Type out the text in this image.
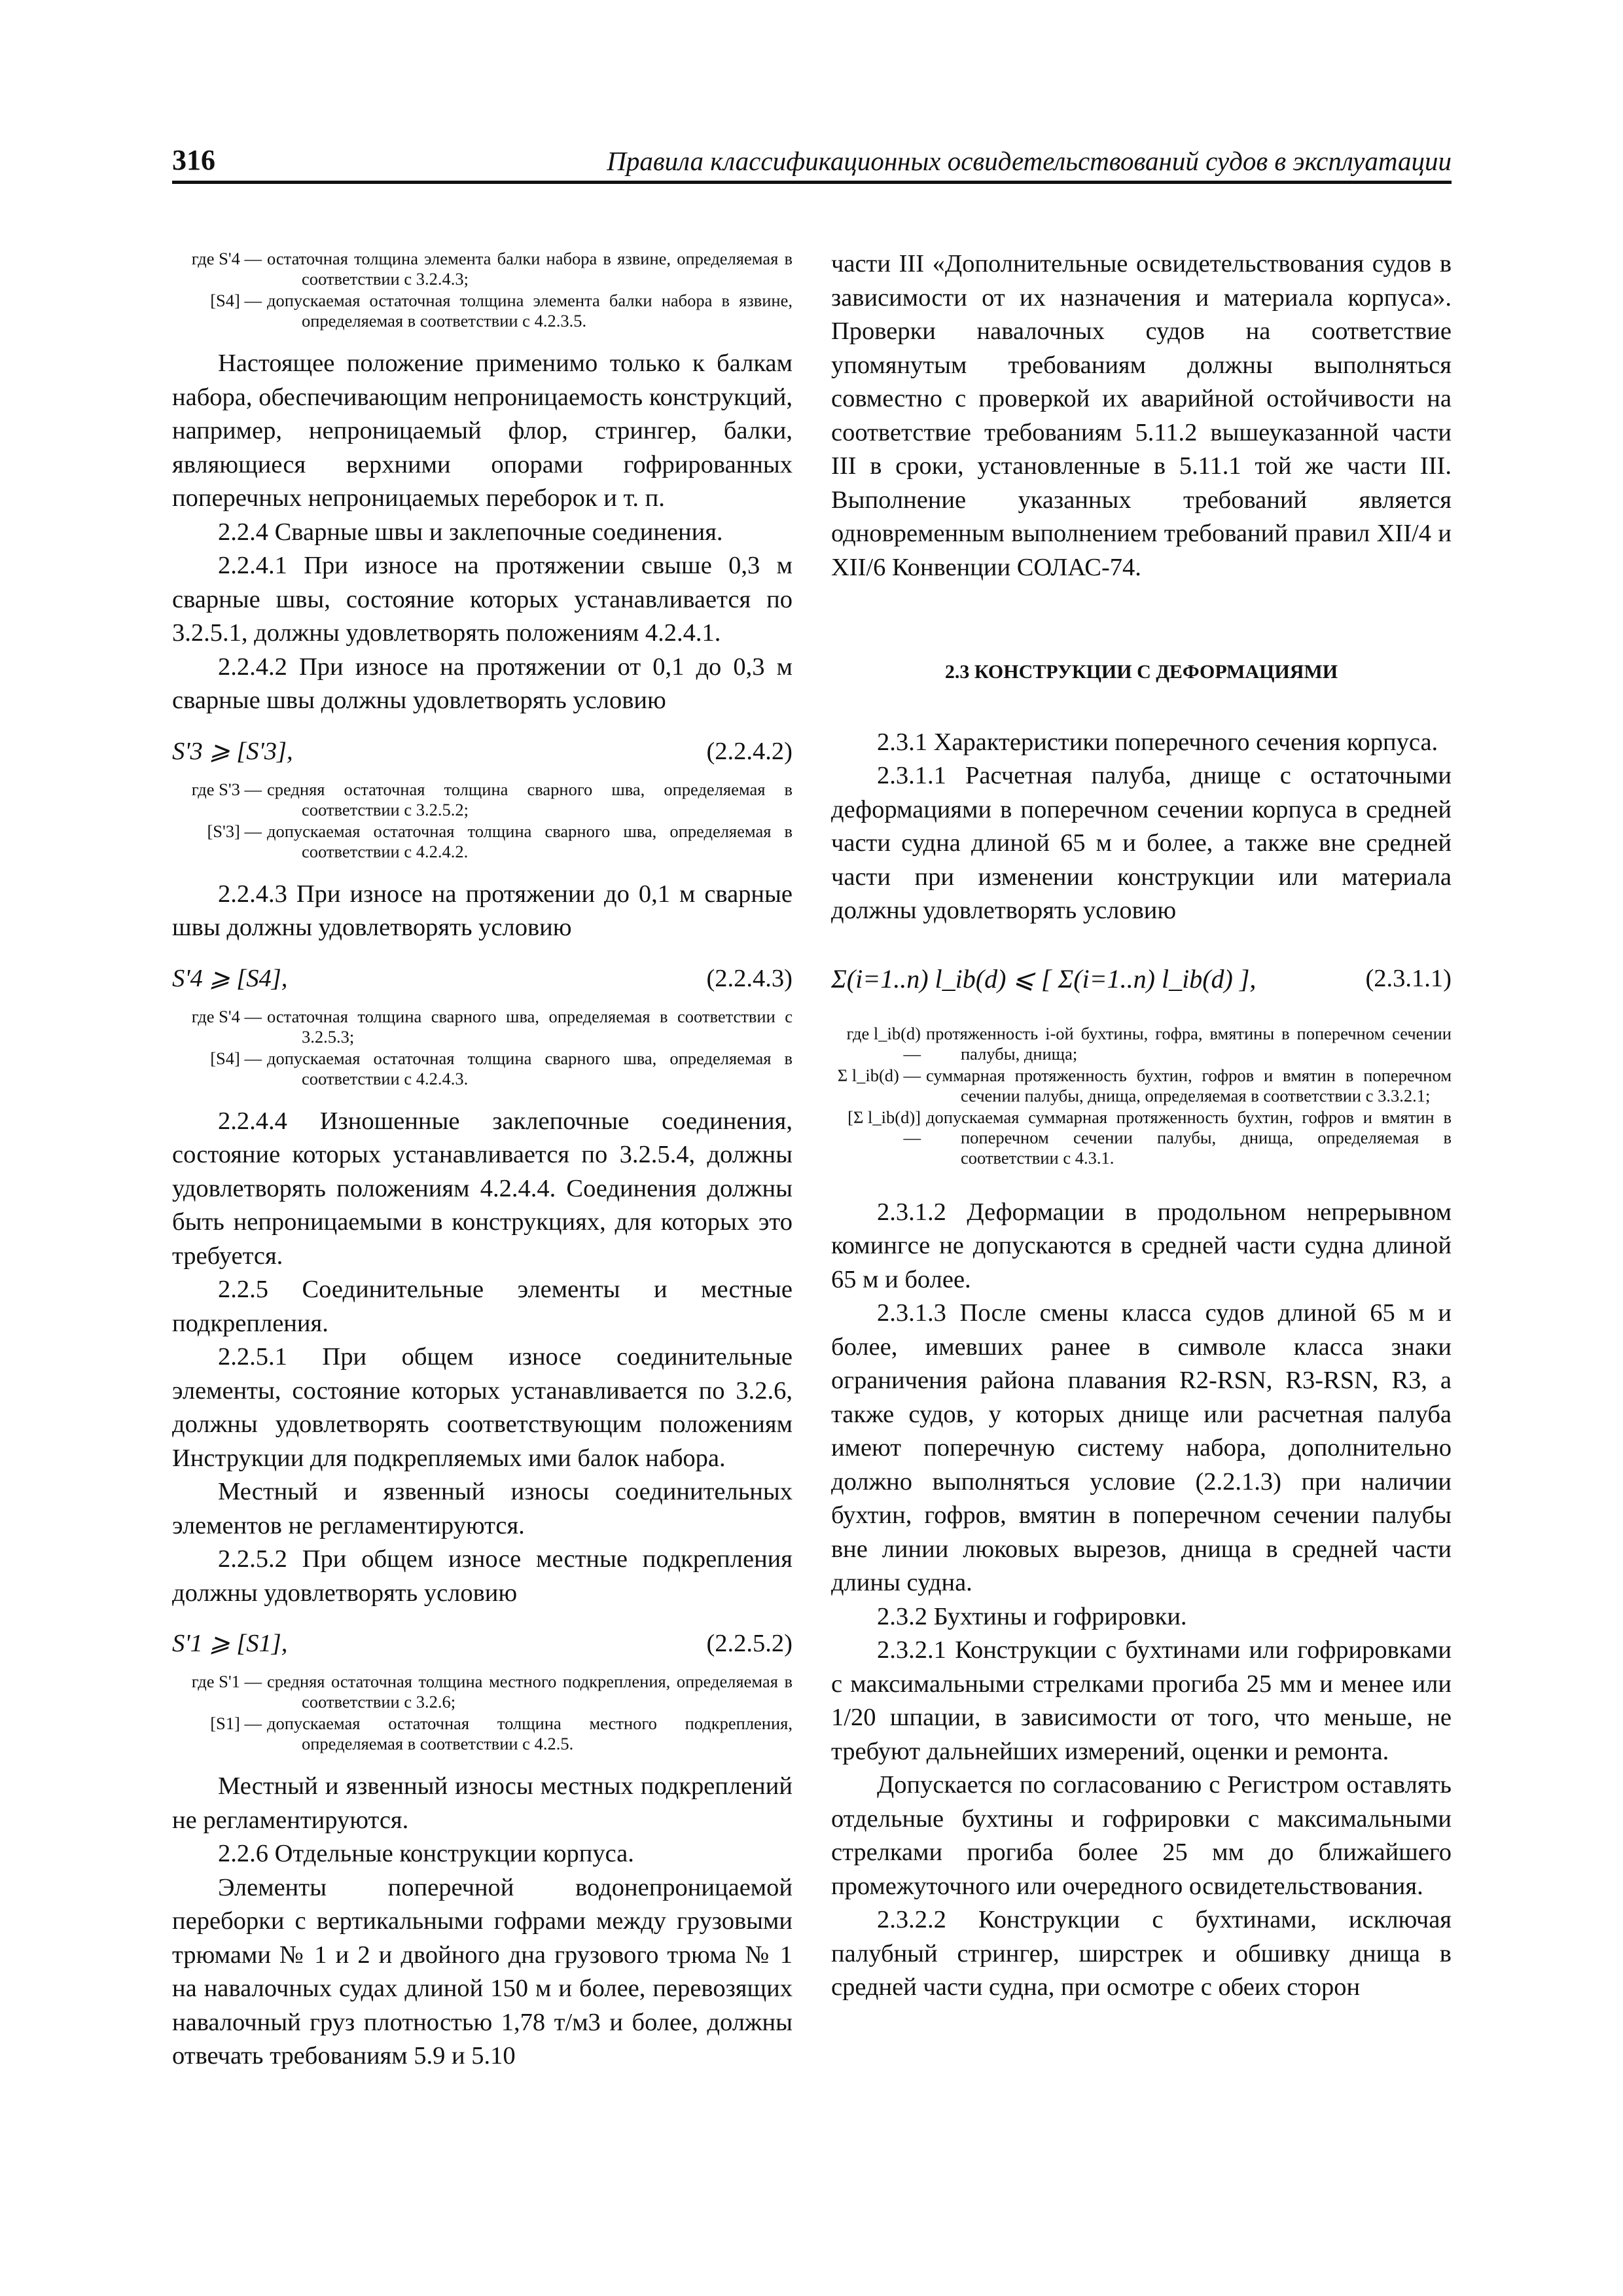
316	Правила классификационных освидетельствований судов в эксплуатации
где S'4 — остаточная толщина элемента балки набора в язвине, определяемая в соответствии с 3.2.4.3;
[S4] — допускаемая остаточная толщина элемента балки набора в язвине, определяемая в соответствии с 4.2.3.5.

Настоящее положение применимо только к балкам набора, обеспечивающим непроницаемость конструкций, например, непроницаемый флор, стрингер, балки, являющиеся верхними опорами гофрированных поперечных непроницаемых переборок и т. п.

2.2.4 Сварные швы и заклепочные соединения.

2.2.4.1 При износе на протяжении свыше 0,3 м сварные швы, состояние которых устанавливается по 3.2.5.1, должны удовлетворять положениям 4.2.4.1.

2.2.4.2 При износе на протяжении от 0,1 до 0,3 м сварные швы должны удовлетворять условию

S'3 ⩾ [S'3],	(2.2.4.2)
где S'3 — средняя остаточная толщина сварного шва, определяемая в соответствии с 3.2.5.2;
[S'3] — допускаемая остаточная толщина сварного шва, определяемая в соответствии с 4.2.4.2.

2.2.4.3 При износе на протяжении до 0,1 м сварные швы должны удовлетворять условию

S'4 ⩾ [S4],	(2.2.4.3)
где S'4 — остаточная толщина сварного шва, определяемая в соответствии с 3.2.5.3;
[S4] — допускаемая остаточная толщина сварного шва, определяемая в соответствии с 4.2.4.3.

2.2.4.4 Изношенные заклепочные соединения, состояние которых устанавливается по 3.2.5.4, должны удовлетворять положениям 4.2.4.4. Соединения должны быть непроницаемыми в конструкциях, для которых это требуется.

2.2.5 Соединительные элементы и местные подкрепления.

2.2.5.1 При общем износе соединительные элементы, состояние которых устанавливается по 3.2.6, должны удовлетворять соответствующим положениям Инструкции для подкрепляемых ими балок набора.

Местный и язвенный износы соединительных элементов не регламентируются.

2.2.5.2 При общем износе местные подкрепления должны удовлетворять условию

S'1 ⩾ [S1],	(2.2.5.2)
где S'1 — средняя остаточная толщина местного подкрепления, определяемая в соответствии с 3.2.6;
[S1] — допускаемая остаточная толщина местного подкрепления, определяемая в соответствии с 4.2.5.

Местный и язвенный износы местных подкреплений не регламентируются.

2.2.6 Отдельные конструкции корпуса.

Элементы поперечной водонепроницаемой переборки с вертикальными гофрами между грузовыми трюмами № 1 и 2 и двойного дна грузового трюма № 1 на навалочных судах длиной 150 м и более, перевозящих навалочный груз плотностью 1,78 т/м3 и более, должны отвечать требованиям 5.9 и 5.10

части III «Дополнительные освидетельствования судов в зависимости от их назначения и материала корпуса». Проверки навалочных судов на соответствие упомянутым требованиям должны выполняться совместно с проверкой их аварийной остойчивости на соответствие требованиям 5.11.2 вышеуказанной части III в сроки, установленные в 5.11.1 той же части III. Выполнение указанных требований является одновременным выполнением требований правил XII/4 и XII/6 Конвенции СОЛАС-74.

2.3 КОНСТРУКЦИИ С ДЕФОРМАЦИЯМИ

2.3.1 Характеристики поперечного сечения корпуса.

2.3.1.1 Расчетная палуба, днище с остаточными деформациями в поперечном сечении корпуса в средней части судна длиной 65 м и более, а также вне средней части при изменении конструкции или материала должны удовлетворять условию

Σ(i=1..n) l_ib(d) ⩽ [ Σ(i=1..n) l_ib(d) ],	(2.3.1.1)
где l_ib(d) —
протяженность i-ой бухтины, гофра, вмятины в поперечном сечении палубы, днища;
Σ l_ib(d) — суммарная протяженность бухтин, гофров и вмятин в поперечном сечении палубы, днища, определяемая в соответствии с 3.3.2.1;
[Σ l_ib(d)] —
допускаемая суммарная протяженность бухтин, гофров и вмятин в поперечном сечении палубы, днища, определяемая в соответствии с 4.3.1.

2.3.1.2 Деформации в продольном непрерывном комингсе не допускаются в средней части судна длиной 65 м и более.

2.3.1.3 После смены класса судов длиной 65 м и более, имевших ранее в символе класса знаки ограничения района плавания R2-RSN, R3-RSN, R3, а также судов, у которых днище или расчетная палуба имеют поперечную систему набора, дополнительно должно выполняться условие (2.2.1.3) при наличии бухтин, гофров, вмятин в поперечном сечении палубы вне линии люковых вырезов, днища в средней части длины судна.

2.3.2 Бухтины и гофрировки.

2.3.2.1 Конструкции с бухтинами или гофрировками с максимальными стрелками прогиба 25 мм и менее или 1/20 шпации, в зависимости от того, что меньше, не требуют дальнейших измерений, оценки и ремонта.

Допускается по согласованию с Регистром оставлять отдельные бухтины и гофрировки с максимальными стрелками прогиба более 25 мм до ближайшего промежуточного или очередного освидетельствования.

2.3.2.2 Конструкции с бухтинами, исключая палубный стрингер, ширстрек и обшивку днища в средней части судна, при осмотре с обеих сторон
